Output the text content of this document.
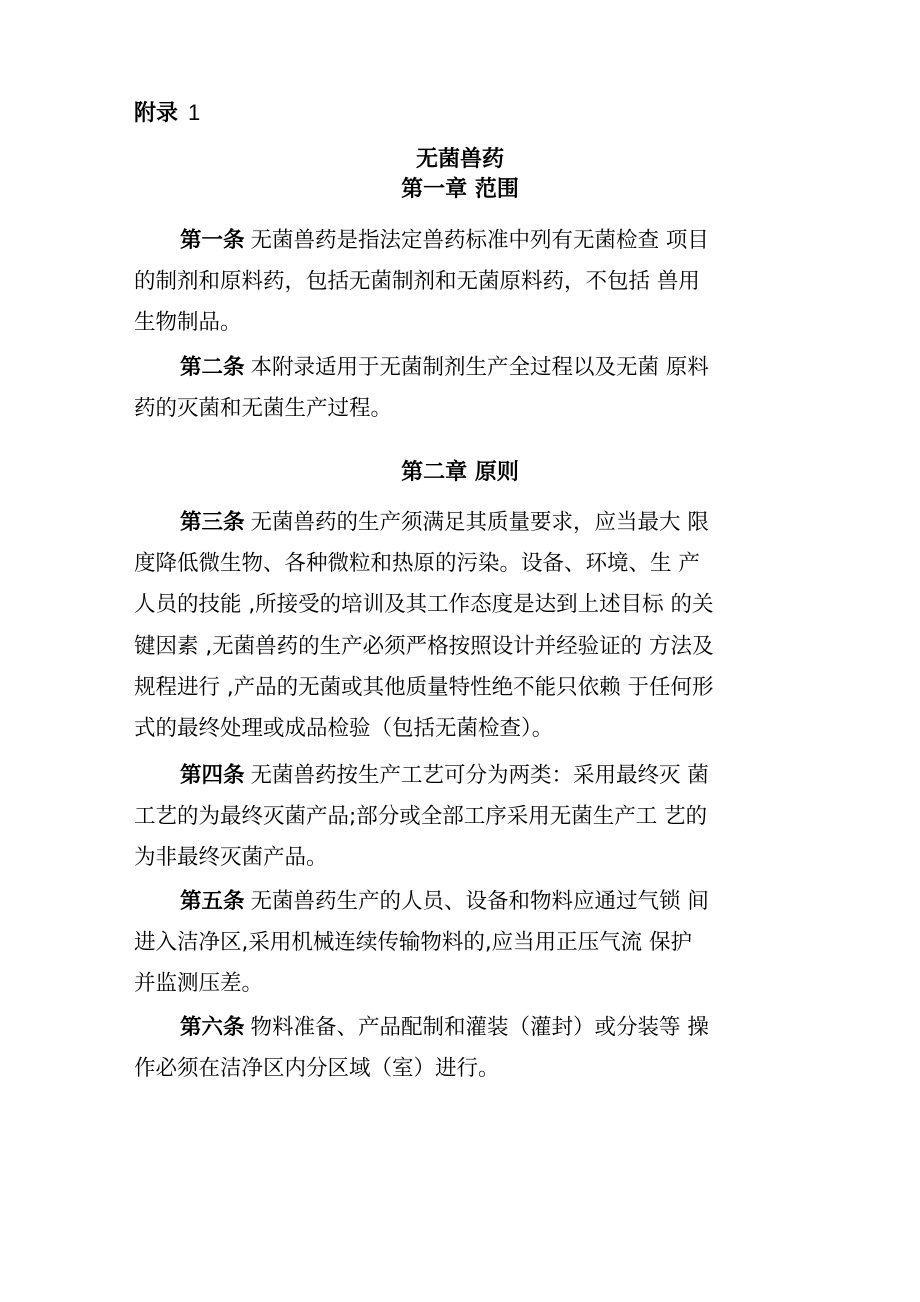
附录 1
无菌兽药
第一章 范围
第一条 无菌兽药是指法定兽药标准中列有无菌检查 项目
的制剂和原料药，包括无菌制剂和无菌原料药，不包括 兽用
生物制品。
第二条 本附录适用于无菌制剂生产全过程以及无菌 原料
药的灭菌和无菌生产过程。
第二章 原则
第三条 无菌兽药的生产须满足其质量要求，应当最大 限
度降低微生物、各种微粒和热原的污染。设备、环境、生 产
人员的技能 ,所接受的培训及其工作态度是达到上述目标 的关
键因素 ,无菌兽药的生产必须严格按照设计并经验证的 方法及
规程进行 ,产品的无菌或其他质量特性绝不能只依赖 于任何形
式的最终处理或成品检验（包括无菌检查）。
第四条 无菌兽药按生产工艺可分为两类：采用最终灭 菌
工艺的为最终灭菌产品;部分或全部工序采用无菌生产工 艺的
为非最终灭菌产品。
第五条 无菌兽药生产的人员、设备和物料应通过气锁 间
进入洁净区,采用机械连续传输物料的,应当用正压气流 保护
并监测压差。
第六条 物料准备、产品配制和灌装（灌封）或分装等 操
作必须在洁净区内分区域（室）进行。
